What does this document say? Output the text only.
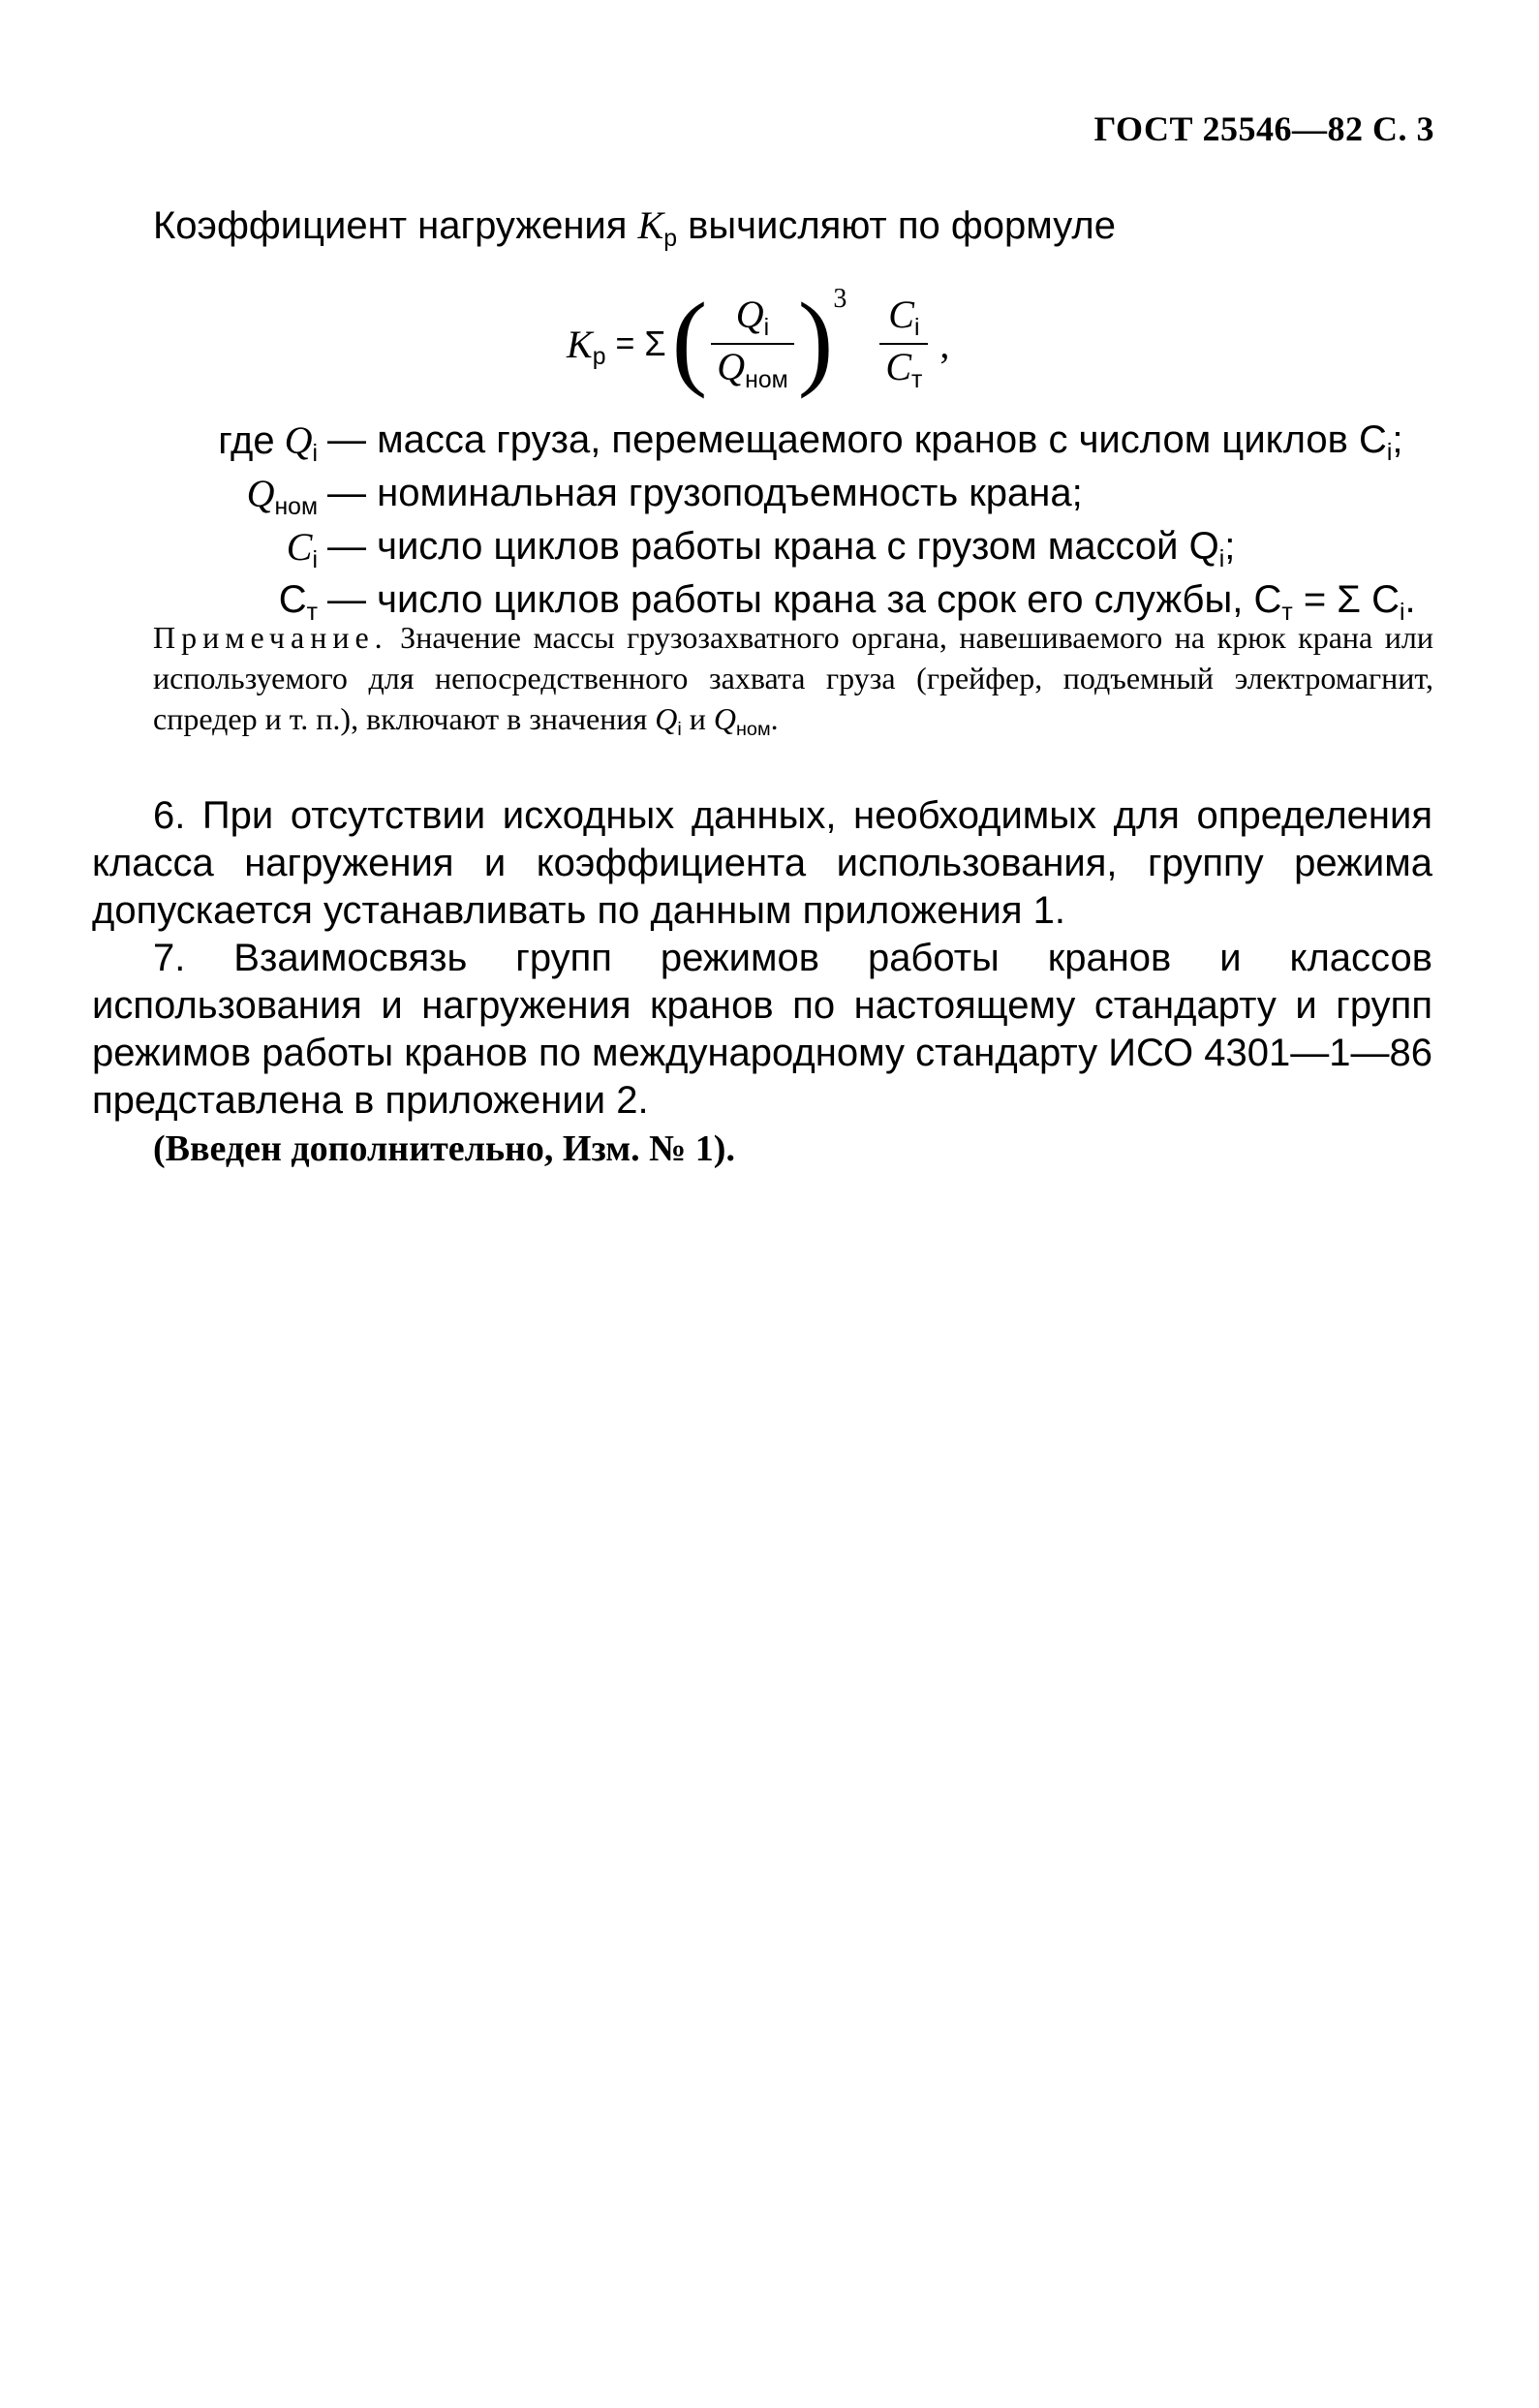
ГОСТ 25546—82 С. 3
Коэффициент нагружения Kр вычисляют по формуле
Kр = Σ ( $\frac{Qi}{\text{Qном}}$ ) $3 \frac{Ci}{Cт}$ ,
где Qi — масса груза, перемещаемого кранов с числом циклов Ci;
Qном — номинальная грузоподъемность крана;
Ci — число циклов работы крана с грузом массой Qi;
Cт — число циклов работы крана за срок его службы, Cт = Σ Ci.
Примечание. Значение массы грузозахватного органа, навешиваемого на крюк крана или используемого для непосредственного захвата груза (грейфер, подъемный электромагнит, спредер и т. п.), включают в значения Qi и Qном.
6. При отсутствии исходных данных, необходимых для определения класса нагружения и коэффициента использования, группу режима допускается устанавливать по данным приложения 1.
7. Взаимосвязь групп режимов работы кранов и классов использования и нагружения кранов по настоящему стандарту и групп режимов работы кранов по международному стандарту ИСО 4301—1—86 представлена в приложении 2.
(Введен дополнительно, Изм. № 1).
